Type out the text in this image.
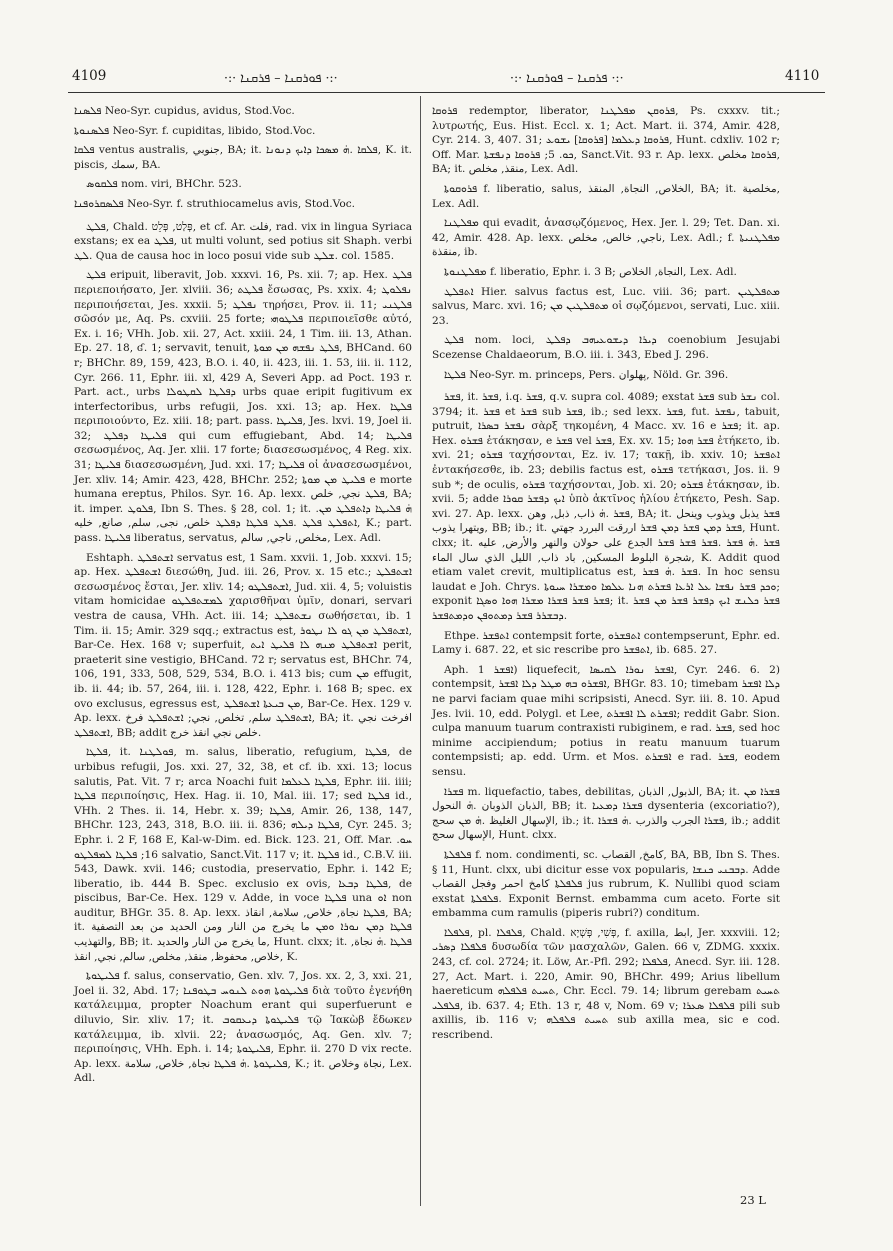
4109	·:· ܦܘܪܩܢܐ – ܦܪܩܢܐ ·:·	·:· ܦܪܩܢܐ – ܦܘܪܩܢܐ ·:·	4110

ܦܠܣܢܐ Neo-Syr. cupidus, avidus, Stod.Voc.

ܦܠܣܢܘܬܐ Neo-Syr. f. cupiditas, libido, Stod.Voc.

ܦܠܩܐ ventus australis, ﺟﻨﻮﺑﻲ, BA; it. ܦܠܩܐ .ܗ̇ ܡܣܟܐ ܕܐܝܟ ܕܢܘܢܐ, K. it. piscis, ﺳﻤﻚ, BA.

ܦܠܩܘܣ nom. viri, BHChr. 523.

ܦܠܣܩܪܘܦܢܐ Neo-Syr. f. struthiocamelus avis, Stod.Voc.

ܦܠܛ, Chald. פְּלַט, פְּלֵט, et cf. Ar. ﻓﻠﺖ, rad. vix in lingua Syriaca exstans; ex ea ܦܠܛ, ut multi volunt, sed potius sit Shaph. verbi ܠܛ. Qua de causa hoc in loco posui vide sub ܫܠܛ. col. 1585.

ܦܠܛ eripuit, liberavit, Job. xxxvi. 16, Ps. xii. 7; ap. Hex. ܦܠܛ περιεποιήσατο, Jer. xlviii. 36; ܦܠܛܬ ἔσωσας, Ps. xxix. 4; ܢܦܠܘܛ περιποιήσεται, Jes. xxxii. 5; ܢܦܠܛ τηρήσει, Prov. ii. 11; ܦܠܛܢܝ σῶσόν με, Aq. Ps. cxviii. 25 forte; ܦܠܛܘܗܝ περιποιεῖσθε αὐτό, Ex. i. 16; VHh. Job. xii. 27, Act. xxiii. 24, 1 Tim. iii. 13, Athan. Ep. 27. 18, ʛ. 1; servavit, tenuit, ܦܠܛ ܢܦܫܗ ܡܢ ܡܘܬܐ, BHCand. 60 r; BHChr. 89, 159, 423, B.O. i. 40, ii. 423, iii. 1. 53, iii. ii. 112, Cyr. 266. 11, Ephr. iii. xl, 429 A, Severi App. ad Poct. 193 r. Part. act., urbs ܕܦܠܛܐ ܠܩܛܘܠܐ urbs quae eripit fugitivum ex interfectoribus, urbs refugii, Jos. xxi. 13; ap. Hex. ܦܠܛܐ περιποιούντο, Ez. xiii. 18; part. pass. ܦܠܝܛܐ, Jes. lxvi. 19, Joel ii. 32; ܦܠܝܛܐ ܕܦܠܛ qui cum effugiebant, Abd. 14; ܦܠܝܛܐ σεσωσμένος, Aq. Jer. xlii. 17 forte; διασεσωσμένος, 4 Reg. xix. 31; ܦܠܝܛܐ διασεσωσμένη, Jud. xxi. 17; ܦܠܝܛܐ οἱ ἀνασεσωσμένοι, Jer. xliv. 14; Amir. 423, 428, BHChr. 252; ܦܠܝܛ ܡܢ ܡܘܬܐ e morte humana ereptus, Philos. Syr. 16. Ap. lexx. ܦܠܛ ﻧﺠﻲ, ﺧﻠﺺ, BA; it. imper. ܦܠܘܛ, Ibn S. Thes. § 28, col. 1; it. .ܗ̇ ܦܠܝܛܐ ܕܐܬܦܠܛ ܡܢ ܐܬܦܠܛ ܦܠܛ .ܦܠܛ ܦܠܛܐ ܕܦܠܛ ﺧﻠﺺ, ﻧﺠﻰ, ﺳﻠﻢ, ﺻﺎﻧﻊ, ﺧﻠﻴﻪ, K.; part. pass. ܦܠܝܛܐ liberatus, servatus, ﻣﺨﻠﺺ, ﻧﺎﺟﻲ, ﺳﺎﻟﻢ, Lex. Adl.

Eshtaph. ܐܫܬܦܠܛ servatus est, 1 Sam. xxvii. 1, Job. xxxvi. 15; ap. Hex. ܐܫܬܦܠܛ διεσώθη, Jud. iii. 26, Prov. x. 15 etc.; ܐܫܬܦܠܛ σεσωσμένος ἔσται, Jer. xliv. 14; ܐܫܬܦܠܛܘ, Jud. xii. 4, 5; voluistis vitam homicidae ܠܡܫܬܦܠܛܘ χαρισθῆναι ὑμῖν, donari, servari vestra de causa, VHh. Act. iii. 14; ܢܫܬܦܠܛ σωθήσεται, ib. 1 Tim. ii. 15; Amir. 329 sqq.; extractus est, ܐܫܬܦܠܛ ܡܢ ܓܘ ܠܐ ܢܛܘܪ, Bar-Ce. Hex. 168 v; superfuit, ܐܫܬܦܠܛ ܡܢܗ ܠܐ ܦܠܝܛ ܐܝܬ perit, praeterit sine vestigio, BHCand. 72 r; servatus est, BHChr. 74, 106, 191, 333, 508, 529, 534, B.O. i. 413 bis; cum ܡܢ effugit, ib. ii. 44; ib. 57, 264, iii. i. 128, 422, Ephr. i. 168 B; spec. ex ovo exclusus, egressus est, ܡܢ ܒܝܥܬܐ ܐܫܬܦܠܛ, Bar-Ce. Hex. 129 v. Ap. lexx. ܐܫܬܦܠܛ ﺳﻠﻢ, ﺗﺨﻠﺺ, ﻧﺠﻲ; ܐܫܬܦܠܛ ﻓﺮﺥ, BA; it. ﺍﻓﺮﺧﺖ ﻧﺠﻲ ܐܫܬܦܠܛ, BB; addit ﺧﻠﺺ ﻧﺠﻲ ﺍﻧﻘﺬ ﺧﺮﺝ.

ܦܠܛܐ, it. ܦܘܠܛܢܐ, m. salus, liberatio, refugium, ܦܠܛܐ, de urbibus refugii, Jos. xxi. 27, 32, 38, et cf. ib. xxi. 13; locus salutis, Pat. Vit. 7 r; arca Noachi fuit ܦܠܛܐ ܠܥܠܡܐ, Ephr. iii. iiii; ܦܠܛܐ περιποίησις, Hex. Hag. ii. 10, Mal. iii. 17; sed ܦܠܛܐ id., VHh. 2 Thes. ii. 14, Hebr. x. 39; ܦܠܛܐ, Amir. 26, 138, 147, BHChr. 123, 243, 318, B.O. iii. ii. 836; ܦܠܛܐ ܕܝܠܗ, Cyr. 245. 3; Ephr. i. 2 F, 168 E, Kal-w-Dim. ed. Bick. 123. 21, Off. Mar. ܚܘ. 16; ܦܠܛܐ ܠܡܦܠܛܘ salvatio, Sanct.Vit. 117 v; it. ܦܠܛܐ id., C.B.V. iii. 543, Dawk. xvii. 146; custodia, preservatio, Ephr. i. 142 E; liberatio, ib. 444 B. Spec. exclusio ex ovis, ܦܠܛܐ ܕܒܥܐ, de piscibus, Bar-Ce. Hex. 129 v. Adde, in voce ܦܠܛܐ una ܐܘ non auditur, BHGr. 35. 8. Ap. lexx. ܦܠܛܐ ﻧﺠﺎﺓ, ﺧﻼﺹ, ﺳﻼﻣﺔ, ﺍﻧﻘﺎﺫ, BA; it. ܦܠܛܐ ܕܡܢ ܢܘܪܐ ܘܡܢ ﻣﺎ ﻳﺨﺮﺝ ﻣﻦ ﺍﻟﻨﺎﺭ ﻭﻣﻦ ﺍﻟﺤﺪﻳﺪ ﻣﻦ ﺑﻌﺪ ﺍﻟﺘﺼﻔﻴﺔ ﻭﺍﻟﺘﻬﺬﻳﺐ, BB; it. ﻣﺎ ﻳﺨﺮﺝ ﻣﻦ ﺍﻟﻨﺎﺭ ﻭﺍﻟﺤﺪﻳﺪ, Hunt. clxx; it. ܦܠܛܐ .ܗ̇ ﻧﺠﺎﺓ, ﺧﻼﺹ, ﻣﺤﻔﻮﻅ, ﻣﻨﻘﺬ, ﻣﺨﻠﺺ, ﺳﺎﻟﻢ, ﻧﺠﻲ, ﺍﻧﻘﺬ, K.

ܦܠܝܛܘܬܐ f. salus, conservatio, Gen. xlv. 7, Jos. xx. 2, 3, xxi. 21, Joel ii. 32, Abd. 17; ܦܠܝܛܘܬܐ ܗܘܬ ܠܢܘܚ ܒܛܘܦܢܐ διὰ τοῦτο ἐγενήθη κατάλειμμα, propter Noachum erant qui superfuerunt e diluvio, Sir. xliv. 17; it. ܦܠܝܛܘܬܐ ܕܝܥܩܘܒ τῷ Ἰακὼβ ἔδωκεν κατάλειμμα, ib. xlvii. 22; ἀνασωσμός, Aq. Gen. xlv. 7; περιποίησις, VHh. Eph. i. 14; ܦܠܝܛܘܬܐ, Ephr. ii. 270 D vix recte. Ap. lexx. ܦܠܝܛܘܬܐ .ܗ̇ ܦܠܛܐ ﻧﺠﺎﺓ, ﺧﻼﺹ, ﺳﻼﻣﺔ, K.; it. ﻧﺠﺎﺓ ﻭﺧﻼﺹ, Lex. Adl.

ܦܪܘܩܐ redemptor, liberator, ܦܪܘܩܢ ܡܦܠܛܢܐ, Ps. cxxxv. tit.; λυτρωτής, Eus. Hist. Eccl. x. 1; Act. Mart. ii. 374, Amir. 428, Cyr. 214. 3, 407. 31; ܦܪܘܩܐ ܕܥܠܡܐ [ܦܪܘܩܐ] ܝܫܘܥ, Hunt. cdxliv. 102 r; Off. Mar. ܟܘ. 5; ܦܪܘܩܐ ܕܢܦܫܬܐ, Sanct.Vit. 93 r. Ap. lexx. ܦܪܘܩܐ ﻣﺨﻠﺺ, BA; it. ﻣﻨﻘﺬ, ﻣﺨﻠﺺ, Lex. Adl.

ܦܪܘܩܘܬܐ f. liberatio, salus, ﺍﻟﺨﻼﺹ, ﺍﻟﻨﺠﺎﺓ, ﺍﻟﻤﻨﻘﺬ, BA; it. ﻣﺨﻠﺼﻴﺔ, Lex. Adl.

ܡܦܠܛܢܐ qui evadit, ἀνασῳζόμενος, Hex. Jer. l. 29; Tet. Dan. xi. 42, Amir. 428. Ap. lexx. ﻧﺎﺟﻲ, ﺧﺎﻟﺺ, ﻣﺨﻠﺺ, Lex. Adl.; f. ܡܦܠܛܢܝܬܐ ﻣﻨﻘﺬﺓ, ib.

ܡܦܠܛܢܘܬܐ f. liberatio, Ephr. i. 3 B; ﺍﻟﻨﺠﺎﺓ, ﺍﻟﺨﻼﺹ, Lex. Adl.

ܐܬܦܠܛ Hier. salvus factus est, Luc. viii. 36; part. ܡܬܦܠܛܝܢ salvus, Marc. xvi. 16; ܡܬܦܠܛܝܢ ܡܢ οἱ σῳζόμενοι, servati, Luc. xiii. 23.

ܦܠܛ nom. loci, ܕܝܪܐ ܕܝܫܘܥܝܗܒ ܕܦܠܛ coenobium Jesujabi Scezense Chaldaeorum, B.O. iii. i. 343, Ebed J. 296.

ܦܠܛܐ Neo-Syr. m. princeps, Pers. ﭘﻬﻠﻮﺍﻥ, Nöld. Gr. 396.

ܦܫܪ, it. ܦܫܪ, i.q. ܦܫܪ, q.v. supra col. 4089; exstat ܦܫܪ sub ܢܫܪ col. 3794; it. ܦܫܪ et ܦܫܪ sub ܦܫܪ, ib.; sed lexx. ܦܫܪ, fut. ܢܦܫܪ, tabuit, putruit, ܢܦܫܪ ܒܣܪܐ σὰρξ τηκομένη, 4 Macc. xv. 16 e ܦܫܪ; it. ap. Hex. ܦܫܪܘ ἐτάκησαν, e ܦܫܪ vel ܦܫܪ, Ex. xv. 15; ܦܫܪ ܗܘܐ ἐτήκετο, ib. xvi. 21; ܦܫܪܘ ταχήσονται, Ez. iv. 17; τακῇ, ib. xxiv. 10; ܐܬܦܫܪ ἐντακήσεσθε, ib. 23; debilis factus est, ܦܫܪܘ τετήκασι, Jos. ii. 9 sub *; de oculis, ܦܫܪܘ ταχήσονται, Job. xi. 20; ܦܫܪܘ ἐτάκησαν, ib. xvii. 5; adde ܐܝܟ ܕܦܫܪ ܩܘܪܐ ὑπὸ ἀκτῖνος ἡλίου ἐτήκετο, Pesh. Sap. xvi. 27. Ap. lexx. ܦܫܪ .ܗ̇ ﺫﺍﺏ, ﺫﺑﻞ, ﻭﻫﻦ, BA; it. ܦܫܪ ﻳﺬﺑﻞ ﻭﻳﺬﻭﺏ ﻭﻳﻨﺤﻞ ﻭﻳﺘﻬﺮﺍ ﻳﺬﻭﺏ, BB; ib.; it. ܦܫܪ ܕܡܢ ܦܫܪ ܕܡܢ ܦܫܪ ﺍﺭﺭﻗﺖ ﺍﻟﺒﺮﺭﺩ ﺟﻬﺘﻲ, Hunt. clxx; it. ܦܫܪ .ܗ̇ ܦܫܪ .ܦܫܪ ܦܫܪ ܦܫܪ ﺍﻟﺠﺪﻉ ﻋﻠﻰ ﺣﻮﻻﻥ ﻭﺍﻟﻨﻬﺮ ﻭﺍﻷﺭﺽ, ﻋﻠﻴﻪ ﺷﺠﺮﺓ ﺍﻟﺒﻠﻮﻁ ﺍﻟﻤﺴﻜﻴﻦ, ﺑﺎﺩ ﺫﺍﺏ, ﺍﻟﻠﻴﻞ ﺍﻟﺬﻱ ﺳﺎﻝ ﺍﻟﻤﺎﺀ, K. Addit quod etiam valet crevit, multiplicatus est, ܦܫܪ .ܗ̇ ܦܫܪ. In hoc sensu laudat e Joh. Chrys. ܘܟܕ ܦܫܪ ܢܦܫܐ ܥܠ ܐܪܥܐ ܦܫܪܬ ܗܢܐ ܥܠܡܐ ܘܡܫܪܐ ܚܝܘܬܐ; exponit ܦܫܪ ܦܫܪ ܦܫܪܐ ܡܫܪܐ ܗܘܐ ܘܣܓܐ; it. ܦܫܪ ܟܠܢܫ ܐܝܟ ܕܦܫܪ ܦܫܪ ܡܢ ܦܫܪ ܕܒܫܪܪ ܦܫܪ ܕܡܬܘܦܢ ܘܕܡܬܦܫܪ.

Ethpe. ܐܬܦܫܪ contempsit forte, ܐܬܦܫܪܘ contempserunt, Ephr. ed. Lamy i. 687. 22, et sic rescribe pro ܐܬܦܫܪ, ib. 685. 27.

Aph. ܐܦܫܪ 1) liquefecit, ܐܦܫܪ ܢܘܪܐ ܠܩܝܣܐ, Cyr. 246. 6. 2) contempsit, ܐܦܫܪܘ ܒܗ ܡܛܠ ܕܠܐ ܐܦܫܪ, BHGr. 83. 10; timebam ܕܠܐ ܐܦܫܪ ne parvi faciam quae mihi scripsisti, Anecd. Syr. iii. 8. 10. Apud Jes. lvii. 10, edd. Polygl. et Lee, ܐܦܫܪܬ ܠܐ ܐܦܫܪܬ; reddit Gabr. Sion. culpa manuum tuarum contraxisti rubiginem, e rad. ܦܫܪ, sed hoc minime accipiendum; potius in reatu manuum tuarum contempsisti; ap. edd. Urm. et Mos. ܐܦܫܪܬ e rad. ܦܫܪ, eodem sensu.

ܦܫܪܐ m. liquefactio, tabes, debilitas, ﺍﻟﺬﺑﻮﻝ, ﺍﻟﺬﺑﺎﻥ, BA; it. ܦܫܪܐ ܡܢ ﺍﻟﺬﺑﺎﻥ ﺍﻟﺬﻭﺑﺎﻥ .ܗ̇ ﺍﻟﻨﺤﻮﻝ, BB; it. ܦܫܪܐ ܕܡܥܝܐ dysenteria (excoriatio?), ﺍﻹﺳﻬﺎﻝ ﺍﻟﻐﻠﻴﻆ .ܗ̇ ܡܢ ﺳﺤﺞ, ib.; it. ܦܫܪܐ ﺍﻟﺠﺮﺏ ﻭﺍﻟﺬﺭﺏ .ܗ̇ ܦܫܪܐ, ib.; addit ﺍﻹﺳﻬﺎﻝ ﺳﺤﺞ, Hunt. clxx.

ܦܠܦܠܬܐ f. nom. condimenti, sc. ﻛﺎﻣﺦ, ﺍﻟﻘﺼﺎﺏ, BA, BB, Ibn S. Thes. § 11, Hunt. clxx, ubi dicitur esse vox popularis, ܕܒܒܢܝ ܟܢܫܐ. Adde ܦܠܦܠܬܐ ﻛﺎﻣﺦ ﺍﺣﻤﺮ ﻭﻓﺠﻞ ﺍﻟﻘﺼﺎﺏ jus rubrum, K. Nullibi quod sciam exstat ܦܠܦܠܬܐ. Exponit Bernst. embamma cum aceto. Forte sit embamma cum ramulis (piperis rubri?) conditum.

ܦܠܦܠܐ, pl. ܦܠܦܠܐ, Chald. פְּשִׁי, פְּשְׁיָא, f. axilla, ﺍﺑﻂ, Jer. xxxviii. 12; ܦܠܦܠܐ ܕܣܪܝ δυσωδία τῶν μασχαλῶν, Galen. 66 v, ZDMG. xxxix. 243, cf. col. 2724; it. Löw, Ar.-Pfl. 292; ܦܠܦܠܐ, Anecd. Syr. iii. 128. 27, Act. Mart. i. 220, Amir. 90, BHChr. 499; Arius libellum haereticum ܬܚܝܬ ܦܠܦܠܗ, Chr. Eccl. 79. 14; librum gerebam ܬܚܝܬ ܦܠܦܠܝ, ib. 637. 4; Eth. 13 r, 48 v, Nom. 69 v; ܦܠܦܠܐ ܣܥܪܐ pili sub axillis, ib. 116 v; ܬܚܝܬ ܦܠܦܠܗ sub axilla mea, sic e cod. rescribend.

23 L
